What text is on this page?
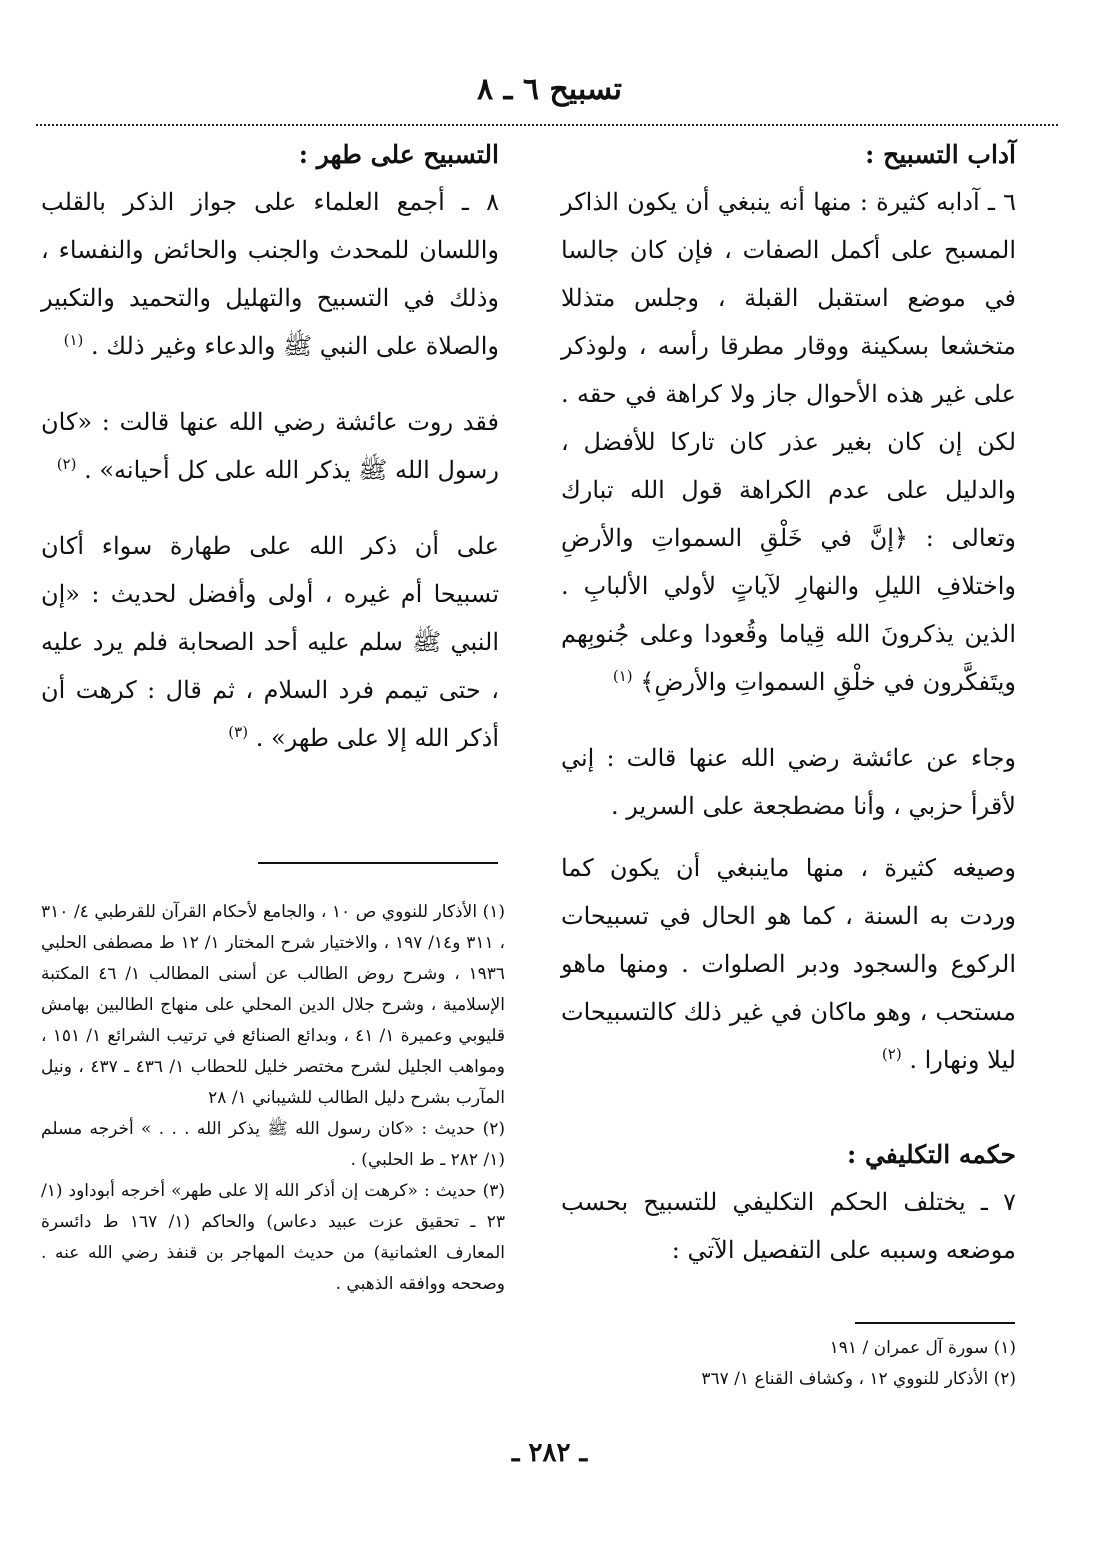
تسبيح ٦ ـ ٨

آداب التسبيح :

٦ ـ آدابه كثيرة : منها أنه ينبغي أن يكون الذاكر المسبح على أكمل الصفات ، فإن كان جالسا في موضع استقبل القبلة ، وجلس متذللا متخشعا بسكينة ووقار مطرقا رأسه ، ولوذكر على غير هذه الأحوال جاز ولا كراهة في حقه . لكن إن كان بغير عذر كان تاركا للأفضل ، والدليل على عدم الكراهة قول الله تبارك وتعالى : ﴿إنَّ في خَلْقِ السمواتِ والأرضِ واختلافِ الليلِ والنهارِ لآياتٍ لأولي الألبابِ . الذين يذكرونَ الله قِياما وقُعودا وعلى جُنوبِهم ويتَفكَّرون في خلْقِ السمواتِ والأرضِ﴾ $^{(١)}$

وجاء عن عائشة رضي الله عنها قالت : إني لأقرأ حزبي ، وأنا مضطجعة على السرير .

وصيغه كثيرة ، منها ماينبغي أن يكون كما وردت به السنة ، كما هو الحال في تسبيحات الركوع والسجود ودبر الصلوات . ومنها ماهو مستحب ، وهو ماكان في غير ذلك كالتسبيحات ليلا ونهارا . $^{(٢)}$

حكمه التكليفي :

٧ ـ يختلف الحكم التكليفي للتسبيح بحسب موضعه وسببه على التفصيل الآتي :

التسبيح على طهر :

٨ ـ أجمع العلماء على جواز الذكر بالقلب واللسان للمحدث والجنب والحائض والنفساء ، وذلك في التسبيح والتهليل والتحميد والتكبير والصلاة على النبي ﷺ والدعاء وغير ذلك . $^{(١)}$

فقد روت عائشة رضي الله عنها قالت : «كان رسول الله ﷺ يذكر الله على كل أحيانه» . $^{(٢)}$

على أن ذكر الله على طهارة سواء أكان تسبيحا أم غيره ، أولى وأفضل لحديث : «إن النبي ﷺ سلم عليه أحد الصحابة فلم يرد عليه ، حتى تيمم فرد السلام ، ثم قال : كرهت أن أذكر الله إلا على طهر» . $^{(٣)}$

(١) الأذكار للنووي ص ١٠ ، والجامع لأحكام القرآن للقرطبي ٤/ ٣١٠ ، ٣١١ و١٤/ ١٩٧ ، والاختيار شرح المختار ١/ ١٢ ط مصطفى الحلبي ١٩٣٦ ، وشرح روض الطالب عن أسنى المطالب ١/ ٤٦ المكتبة الإسلامية ، وشرح جلال الدين المحلي على منهاج الطالبين بهامش قليوبي وعميرة ١/ ٤١ ، وبدائع الصنائع في ترتيب الشرائع ١/ ١٥١ ، ومواهب الجليل لشرح مختصر خليل للحطاب ١/ ٤٣٦ ـ ٤٣٧ ، ونيل المآرب بشرح دليل الطالب للشيباني ١/ ٢٨

(٢) حديث : «كان رسول الله ﷺ يذكر الله . . . » أخرجه مسلم (١/ ٢٨٢ ـ ط الحلبي) .

(٣) حديث : «كرهت إن أذكر الله إلا على طهر» أخرجه أبوداود (١/ ٢٣ ـ تحقيق عزت عبيد دعاس) والحاكم (١/ ١٦٧ ط دائسرة المعارف العثمانية) من حديث المهاجر بن قنفذ رضي الله عنه . وصححه ووافقه الذهبي .

(١) سورة آل عمران / ١٩١

(٢) الأذكار للنووي ١٢ ، وكشاف القناع ١/ ٣٦٧

ـ ٢٨٢ ـ
